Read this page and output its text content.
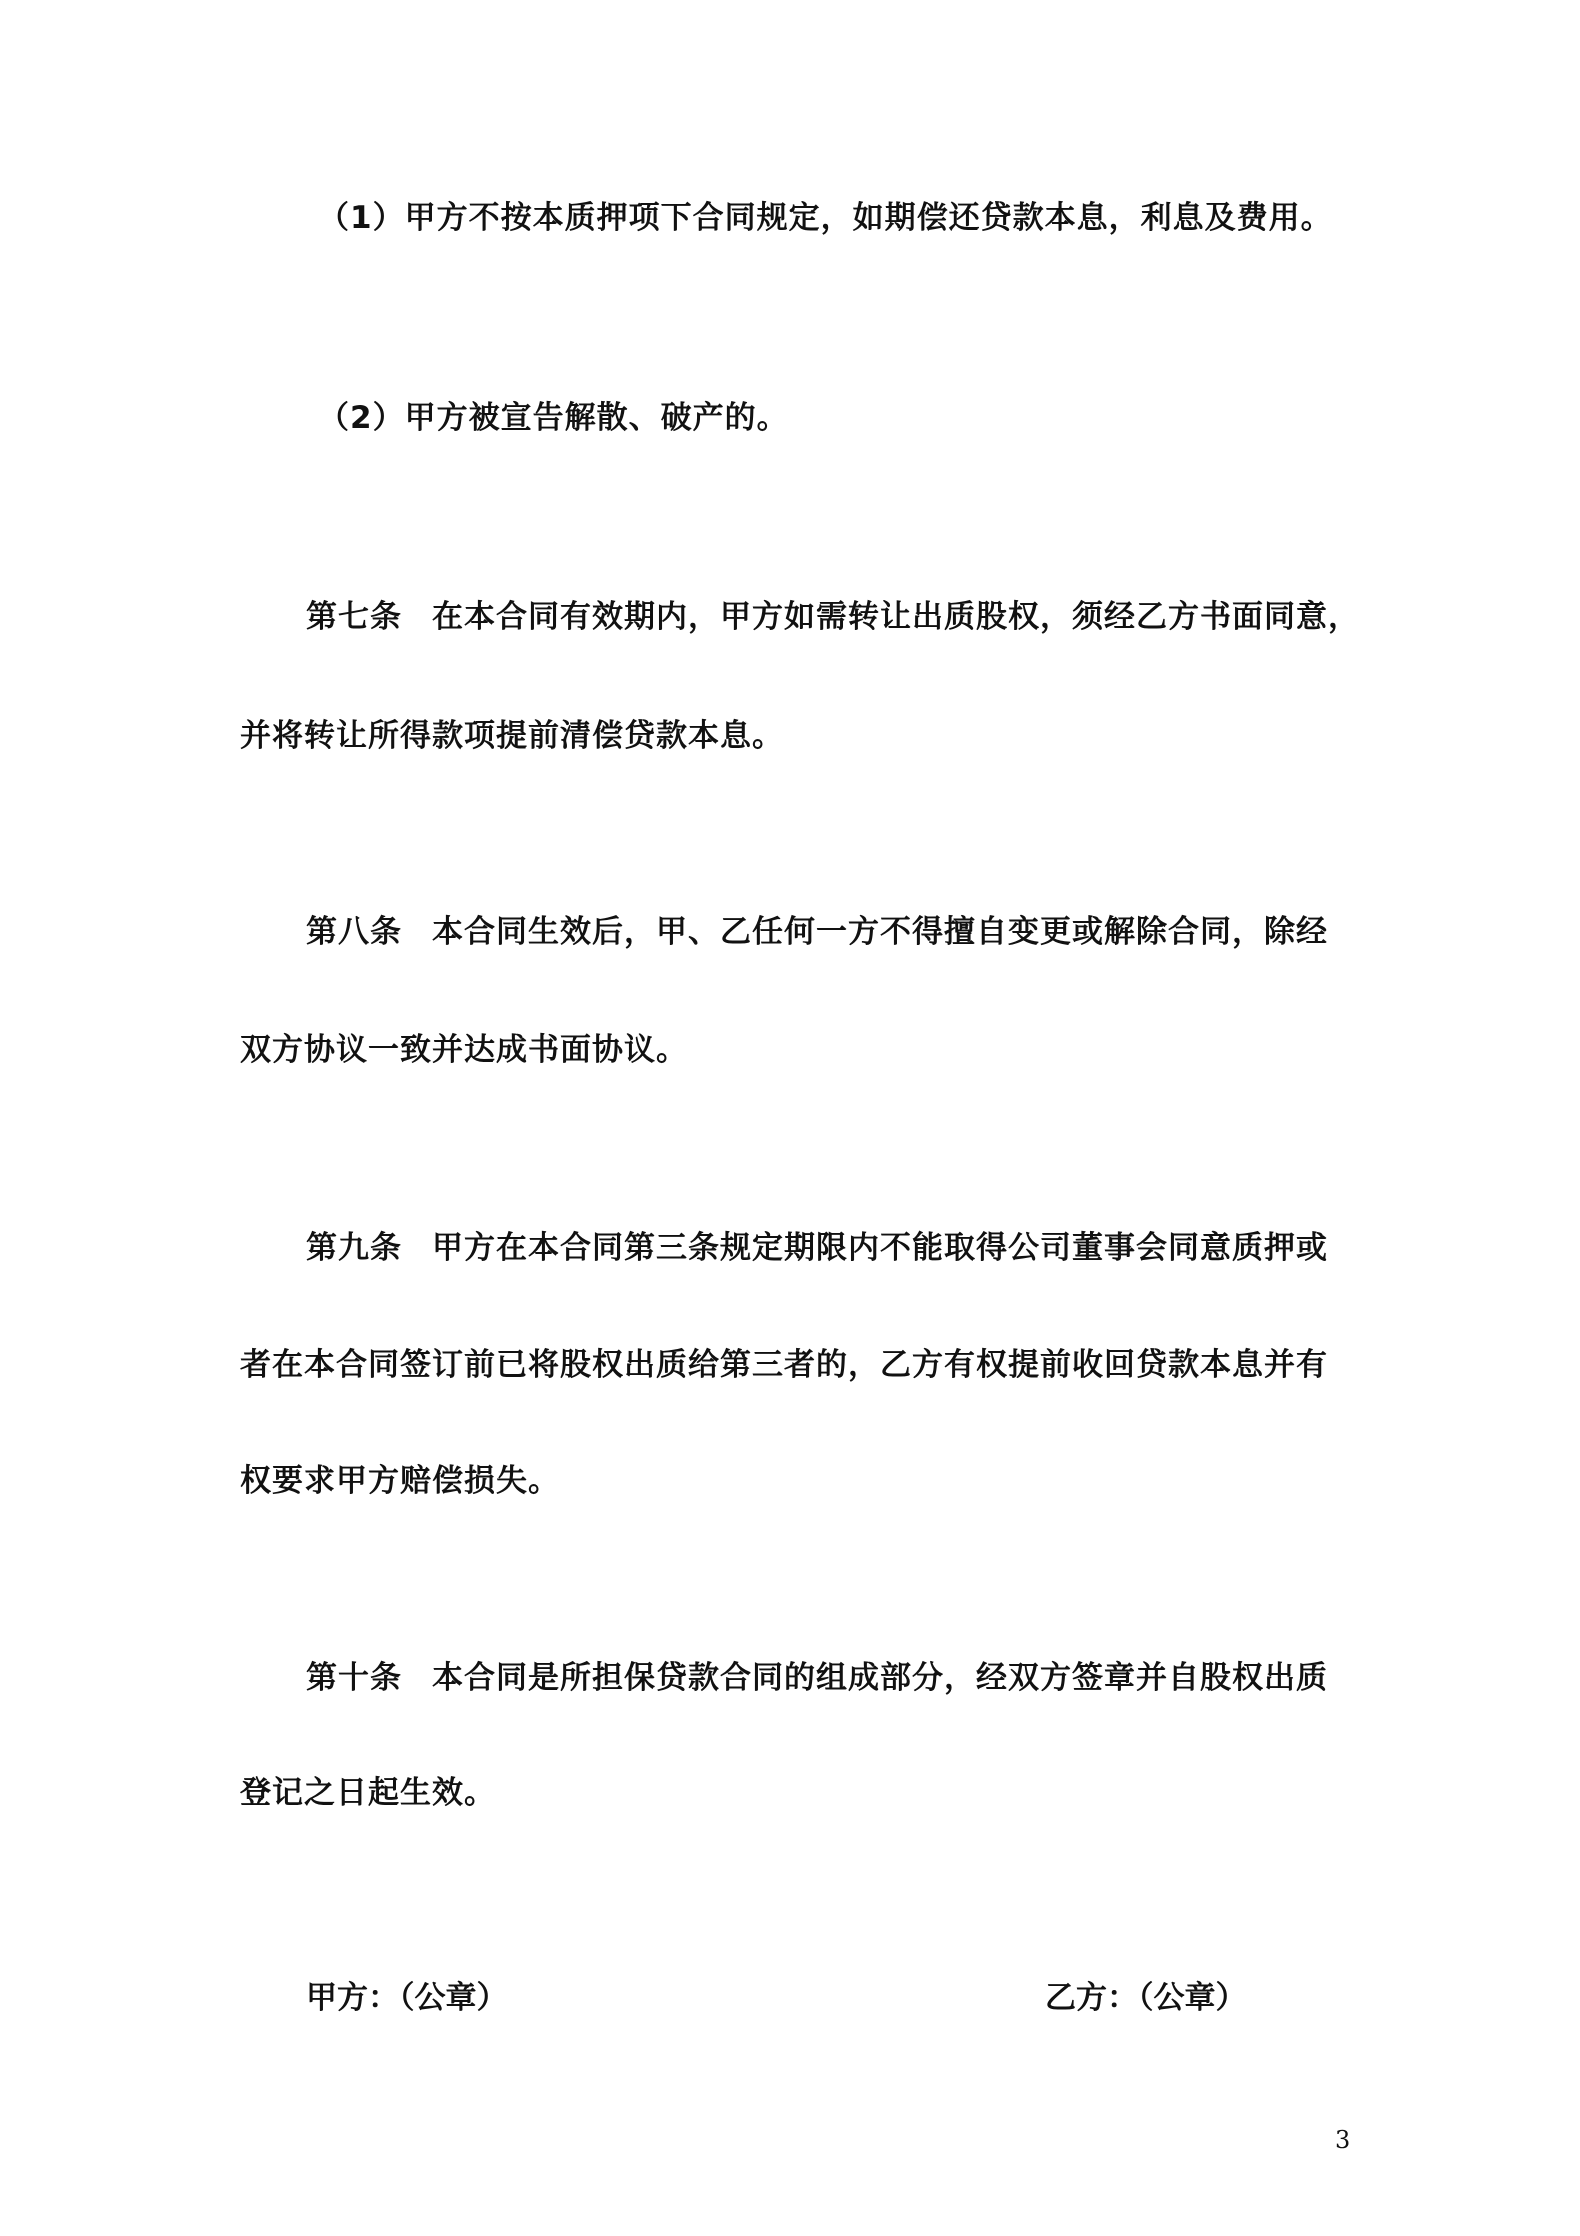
（1）甲方不按本质押项下合同规定，如期偿还贷款本息，利息及费用。
（2）甲方被宣告解散、破产的。
第七条 在本合同有效期内，甲方如需转让出质股权，须经乙方书面同意，
并将转让所得款项提前清偿贷款本息。
第八条 本合同生效后，甲、乙任何一方不得擅自变更或解除合同，除经
双方协议一致并达成书面协议。
第九条 甲方在本合同第三条规定期限内不能取得公司董事会同意质押或
者在本合同签订前已将股权出质给第三者的，乙方有权提前收回贷款本息并有
权要求甲方赔偿损失。
第十条 本合同是所担保贷款合同的组成部分，经双方签章并自股权出质
登记之日起生效。
甲方：（公章）	乙方：（公章）
3
